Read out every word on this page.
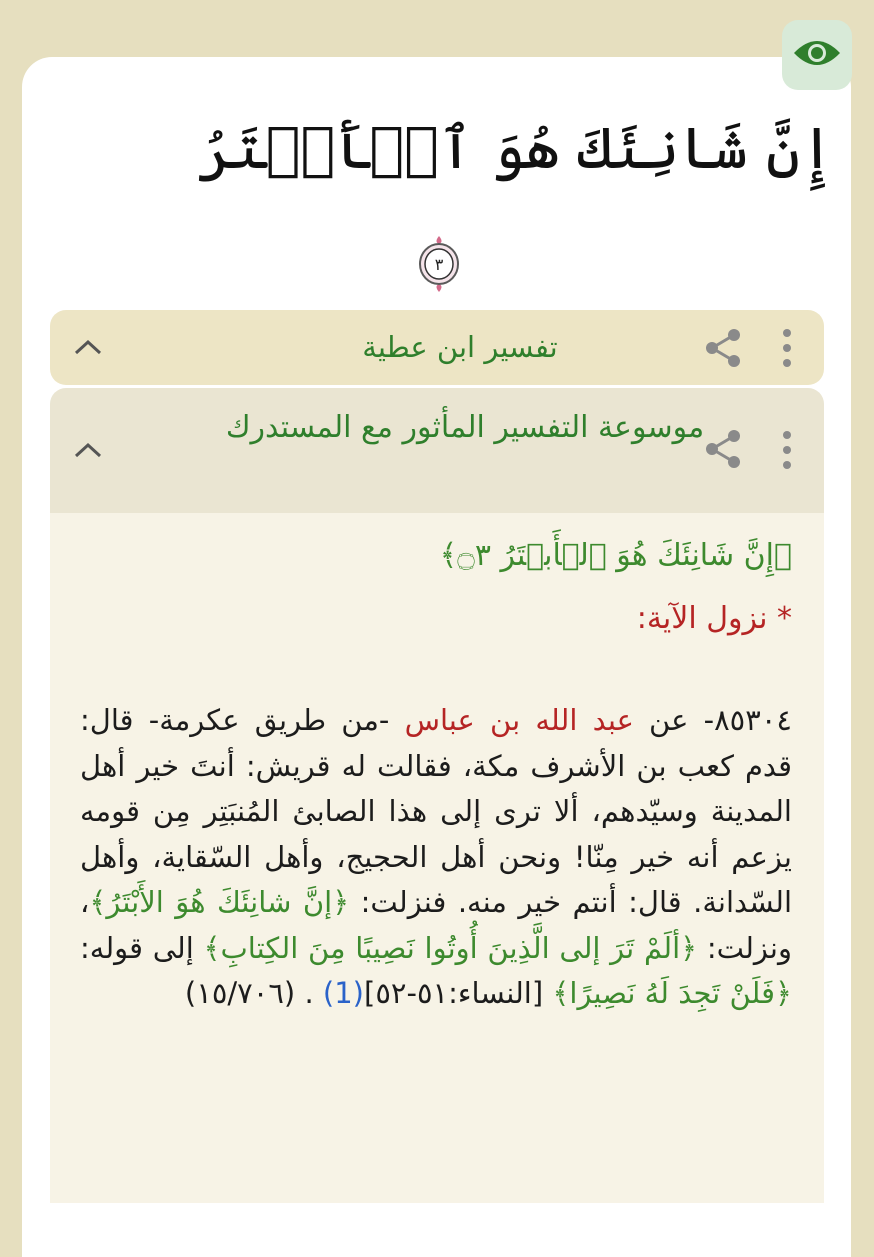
إِنَّ شَانِئَكَ هُوَ ٱلۡأَبۡتَرُ
٣
تفسير ابن عطية
موسوعة التفسير المأثور مع المستدرك
﴿إِنَّ شَانِئَكَ هُوَ ٱلۡأَبۡتَرُ ۝٣﴾
* نزول الآية:
٨٥٣٠٤- عن عبد الله بن عباس -من طريق عكرمة- قال: قدم كعب بن الأشرف مكة، فقالت له قريش: أنتَ خير أهل المدينة وسيّدهم، ألا ترى إلى هذا الصابئ المُنبَتِر مِن قومه يزعم أنه خير مِنّا! ونحن أهل الحجيج، وأهل السّقاية، وأهل السّدانة. قال: أنتم خير منه. فنزلت: ﴿إنَّ شانِئَكَ هُوَ الأَبْتَرُ﴾، ونزلت: ﴿ألَمْ تَرَ إلى الَّذِينَ أُوتُوا نَصِيبًا مِنَ الكِتابِ﴾ إلى قوله: ﴿فَلَنْ تَجِدَ لَهُ نَصِيرًا﴾ [النساء:٥١-٥٢](1) . (١٥/٧٠٦)
